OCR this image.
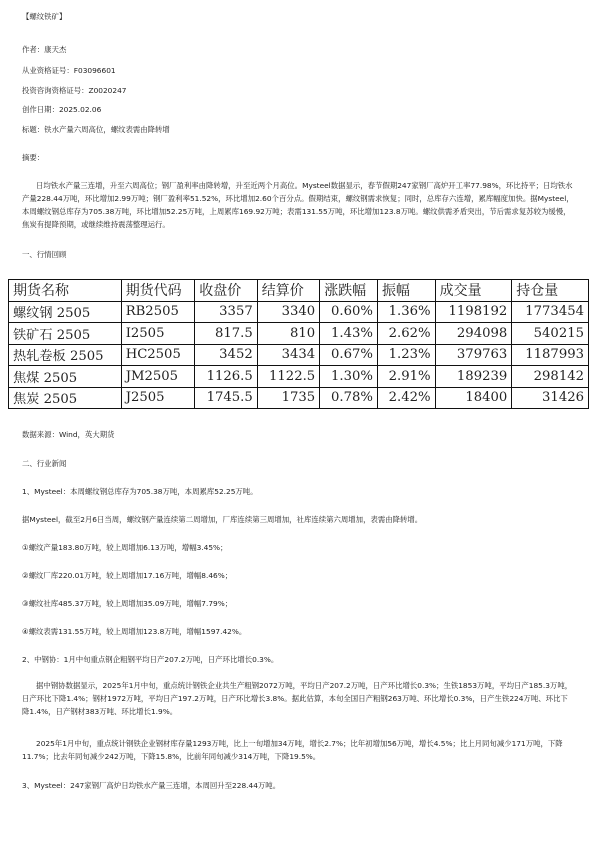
【螺纹铁矿】
作者：康天杰
从业资格证号：F03096601
投资咨询资格证号：Z0020247
创作日期：2025.02.06
标题：铁水产量六周高位，螺纹表需由降转增
摘要：
日均铁水产量三连增，升至六周高位；钢厂盈利率由降转增，升至近两个月高位。Mysteel数据显示，春节假期247家钢厂高炉开工率77.98%，环比持平；日均铁水产量228.44万吨，环比增加2.99万吨；钢厂盈利率51.52%，环比增加2.60个百分点。假期结束，螺纹钢需求恢复；同时，总库存六连增，累库幅度加快。据Mysteel，本周螺纹钢总库存为705.38万吨，环比增加52.25万吨，上周累库169.92万吨；表需131.55万吨，环比增加123.8万吨。螺纹供需矛盾突出，节后需求复苏较为缓慢，焦炭有提降预期，或继续维持震荡整理运行。
一、行情回顾
期货名称	期货代码	收盘价	结算价	涨跌幅	振幅	成交量	持仓量
螺纹钢 2505	RB2505	3357	3340	0.60%	1.36%	1198192	1773454
铁矿石 2505	I2505	817.5	810	1.43%	2.62%	294098	540215
热轧卷板 2505	HC2505	3452	3434	0.67%	1.23%	379763	1187993
焦煤 2505	JM2505	1126.5	1122.5	1.30%	2.91%	189239	298142
焦炭 2505	J2505	1745.5	1735	0.78%	2.42%	18400	31426
数据来源：Wind，英大期货
二、行业新闻
1、Mysteel：本周螺纹钢总库存为705.38万吨，本周累库52.25万吨。
据Mysteel，截至2月6日当周，螺纹钢产量连续第二周增加，厂库连续第三周增加，社库连续第六周增加，表需由降转增。
①螺纹产量183.80万吨，较上周增加6.13万吨，增幅3.45%；
②螺纹厂库220.01万吨，较上周增加17.16万吨，增幅8.46%；
③螺纹社库485.37万吨，较上周增加35.09万吨，增幅7.79%；
④螺纹表需131.55万吨，较上周增加123.8万吨，增幅1597.42%。
2、中钢协：1月中旬重点钢企粗钢平均日产207.2万吨，日产环比增长0.3%。
据中钢协数据显示，2025年1月中旬，重点统计钢铁企业共生产粗钢2072万吨，平均日产207.2万吨，日产环比增长0.3%；生铁1853万吨，平均日产185.3万吨，日产环比下降1.4%；钢材1972万吨，平均日产197.2万吨，日产环比增长3.8%。据此估算，本旬全国日产粗钢263万吨、环比增长0.3%，日产生铁224万吨、环比下降1.4%，日产钢材383万吨、环比增长1.9%。
2025年1月中旬，重点统计钢铁企业钢材库存量1293万吨，比上一旬增加34万吨，增长2.7%；比年初增加56万吨，增长4.5%；比上月同旬减少171万吨，下降11.7%；比去年同旬减少242万吨，下降15.8%，比前年同旬减少314万吨，下降19.5%。
3、Mysteel：247家钢厂高炉日均铁水产量三连增，本周回升至228.44万吨。
